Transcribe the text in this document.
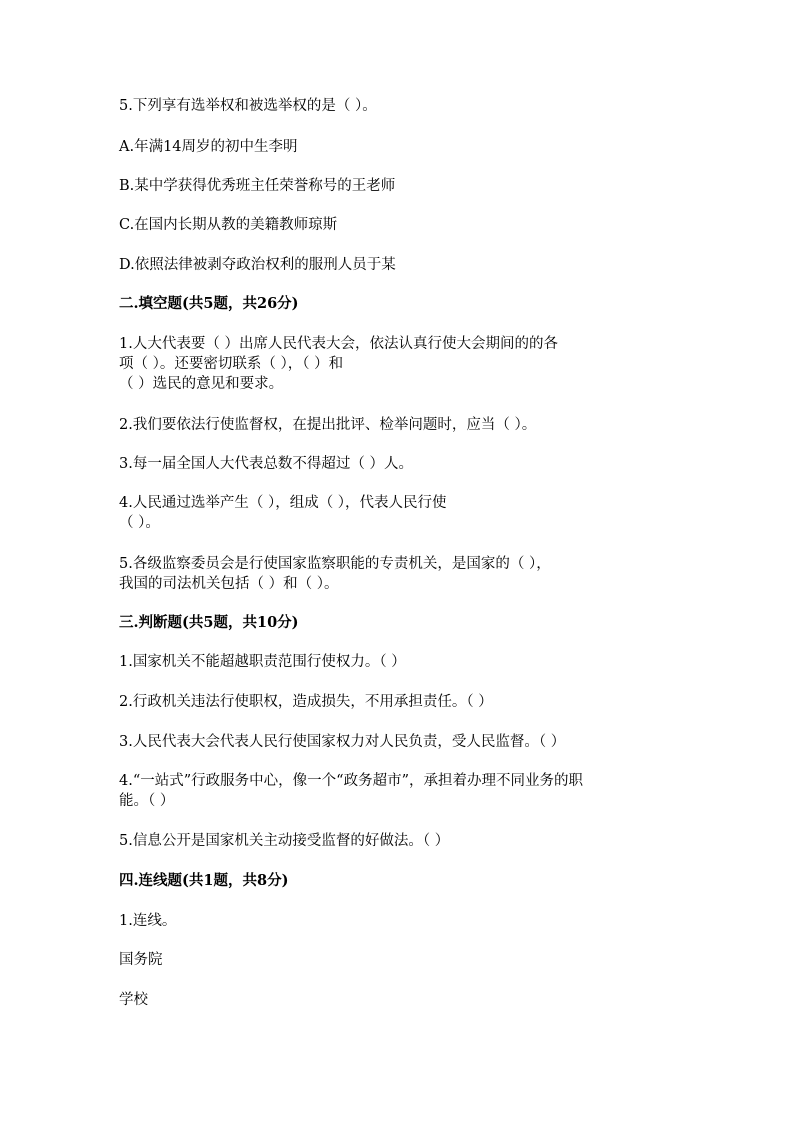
5.下列享有选举权和被选举权的是（ ）。
A.年满14周岁的初中生李明
B.某中学获得优秀班主任荣誉称号的王老师
C.在国内长期从教的美籍教师琼斯
D.依照法律被剥夺政治权利的服刑人员于某
二.填空题(共5题，共26分)
1.人大代表要（ ）出席人民代表大会，依法认真行使大会期间的的各
项（ ）。还要密切联系（ ），（ ）和
（ ）选民的意见和要求。
2.我们要依法行使监督权，在提出批评、检举问题时，应当（ ）。
3.每一届全国人大代表总数不得超过（ ）人。
4.人民通过选举产生（ ），组成（ ），代表人民行使
（ ）。
5.各级监察委员会是行使国家监察职能的专责机关，是国家的（ ），
我国的司法机关包括（ ）和（ ）。
三.判断题(共5题，共10分)
1.国家机关不能超越职责范围行使权力。（ ）
2.行政机关违法行使职权，造成损失，不用承担责任。（ ）
3.人民代表大会代表人民行使国家权力对人民负责，受人民监督。（ ）
4.“一站式”行政服务中心，像一个“政务超市”，承担着办理不同业务的职
能。（ ）
5.信息公开是国家机关主动接受监督的好做法。（ ）
四.连线题(共1题，共8分)
1.连线。
国务院
学校
